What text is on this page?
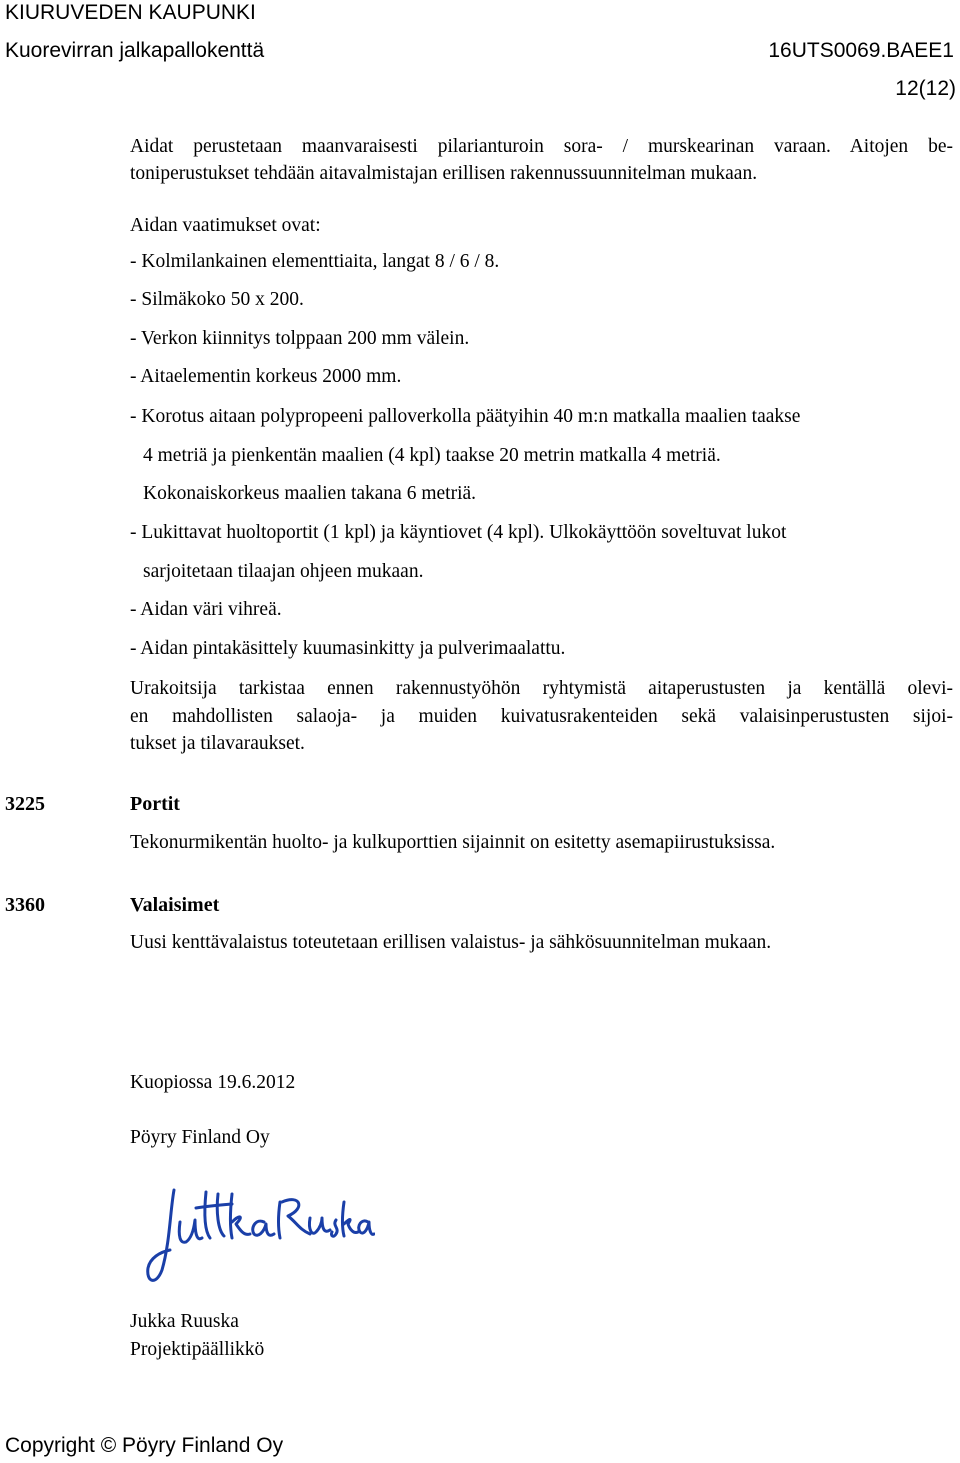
KIURUVEDEN KAUPUNKI
Kuorevirran jalkapallokenttä	16UTS0069.BAEE1
12(12)
Aidat perustetaan maanvaraisesti pilarianturoin sora- / murskearinan varaan. Aitojen be-
toniperustukset tehdään aitavalmistajan erillisen rakennussuunnitelman mukaan.
Aidan vaatimukset ovat:
- Kolmilankainen elementtiaita, langat 8 / 6 / 8.
- Silmäkoko 50 x 200.
- Verkon kiinnitys tolppaan 200 mm välein.
- Aitaelementin korkeus 2000 mm.
- Korotus aitaan polypropeeni palloverkolla päätyihin 40 m:n matkalla maalien taakse
4 metriä ja pienkentän maalien (4 kpl) taakse 20 metrin matkalla 4 metriä.
Kokonaiskorkeus maalien takana 6 metriä.
- Lukittavat huoltoportit (1 kpl) ja käyntiovet (4 kpl). Ulkokäyttöön soveltuvat lukot
sarjoitetaan tilaajan ohjeen mukaan.
- Aidan väri vihreä.
- Aidan pintakäsittely kuumasinkitty ja pulverimaalattu.
Urakoitsija tarkistaa ennen rakennustyöhön ryhtymistä aitaperustusten ja kentällä olevi-
en mahdollisten salaoja- ja muiden kuivatusrakenteiden sekä valaisinperustusten sijoi-
tukset ja tilavaraukset.
3225	Portit
Tekonurmikentän huolto- ja kulkuporttien sijainnit on esitetty asemapiirustuksissa.
3360	Valaisimet
Uusi kenttävalaistus toteutetaan erillisen valaistus- ja sähkösuunnitelman mukaan.
Kuopiossa 19.6.2012
Pöyry Finland Oy
Jukka Ruuska
Projektipäällikkö
Copyright © Pöyry Finland Oy
